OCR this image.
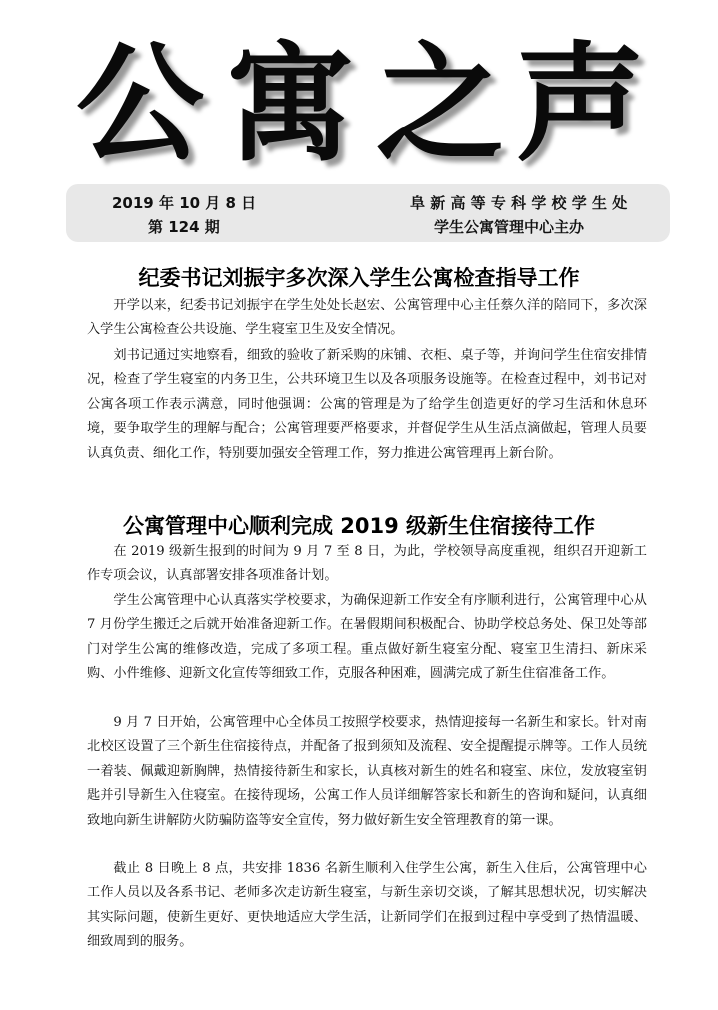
公 寓 之 声
2019 年 10 月 8 日
第 124 期
阜 新 高 等 专 科 学 校 学 生 处
学生公寓管理中心主办
纪委书记刘振宇多次深入学生公寓检查指导工作

开学以来，纪委书记刘振宇在学生处处长赵宏、公寓管理中心主任蔡久洋的陪同下，多次深入学生公寓检查公共设施、学生寝室卫生及安全情况。

刘书记通过实地察看，细致的验收了新采购的床铺、衣柜、桌子等，并询问学生住宿安排情况，检查了学生寝室的内务卫生，公共环境卫生以及各项服务设施等。在检查过程中，刘书记对公寓各项工作表示满意，同时他强调：公寓的管理是为了给学生创造更好的学习生活和休息环境，要争取学生的理解与配合；公寓管理要严格要求，并督促学生从生活点滴做起，管理人员要认真负责、细化工作，特别要加强安全管理工作，努力推进公寓管理再上新台阶。

公寓管理中心顺利完成 2019 级新生住宿接待工作

在 2019 级新生报到的时间为 9 月 7 至 8 日，为此，学校领导高度重视，组织召开迎新工作专项会议，认真部署安排各项准备计划。

学生公寓管理中心认真落实学校要求，为确保迎新工作安全有序顺利进行，公寓管理中心从 7 月份学生搬迁之后就开始准备迎新工作。在暑假期间积极配合、协助学校总务处、保卫处等部门对学生公寓的维修改造，完成了多项工程。重点做好新生寝室分配、寝室卫生清扫、新床采购、小件维修、迎新文化宣传等细致工作，克服各种困难，圆满完成了新生住宿准备工作。

9 月 7 日开始，公寓管理中心全体员工按照学校要求，热情迎接每一名新生和家长。针对南北校区设置了三个新生住宿接待点，并配备了报到须知及流程、安全提醒提示牌等。工作人员统一着装、佩戴迎新胸牌，热情接待新生和家长，认真核对新生的姓名和寝室、床位，发放寝室钥匙并引导新生入住寝室。在接待现场，公寓工作人员详细解答家长和新生的咨询和疑问，认真细致地向新生讲解防火防骗防盗等安全宣传，努力做好新生安全管理教育的第一课。

截止 8 日晚上 8 点，共安排 1836 名新生顺利入住学生公寓，新生入住后，公寓管理中心工作人员以及各系书记、老师多次走访新生寝室，与新生亲切交谈，了解其思想状况，切实解决其实际问题，使新生更好、更快地适应大学生活，让新同学们在报到过程中享受到了热情温暖、细致周到的服务。
